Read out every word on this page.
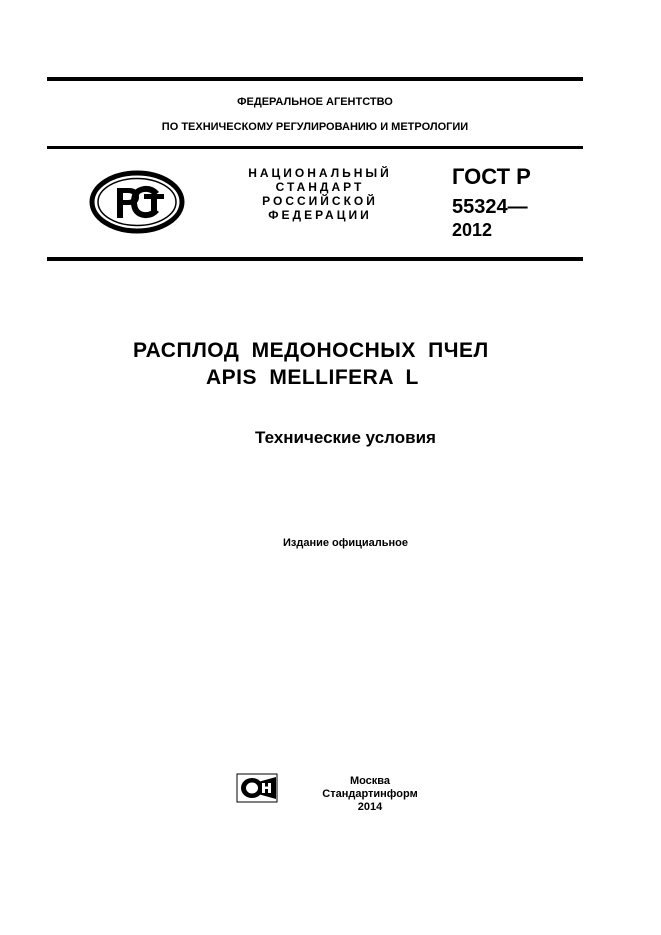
ФЕДЕРАЛЬНОЕ АГЕНТСТВО
ПО ТЕХНИЧЕСКОМУ РЕГУЛИРОВАНИЮ И МЕТРОЛОГИИ
НАЦИОНАЛЬНЫЙ
СТАНДАРТ
РОССИЙСКОЙ
ФЕДЕРАЦИИ
ГОСТ Р
55324—
2012
РАСПЛОД МЕДОНОСНЫХ ПЧЕЛ
APIS MELLIFERA L
Технические условия
Издание официальное
Москва
Стандартинформ
2014
